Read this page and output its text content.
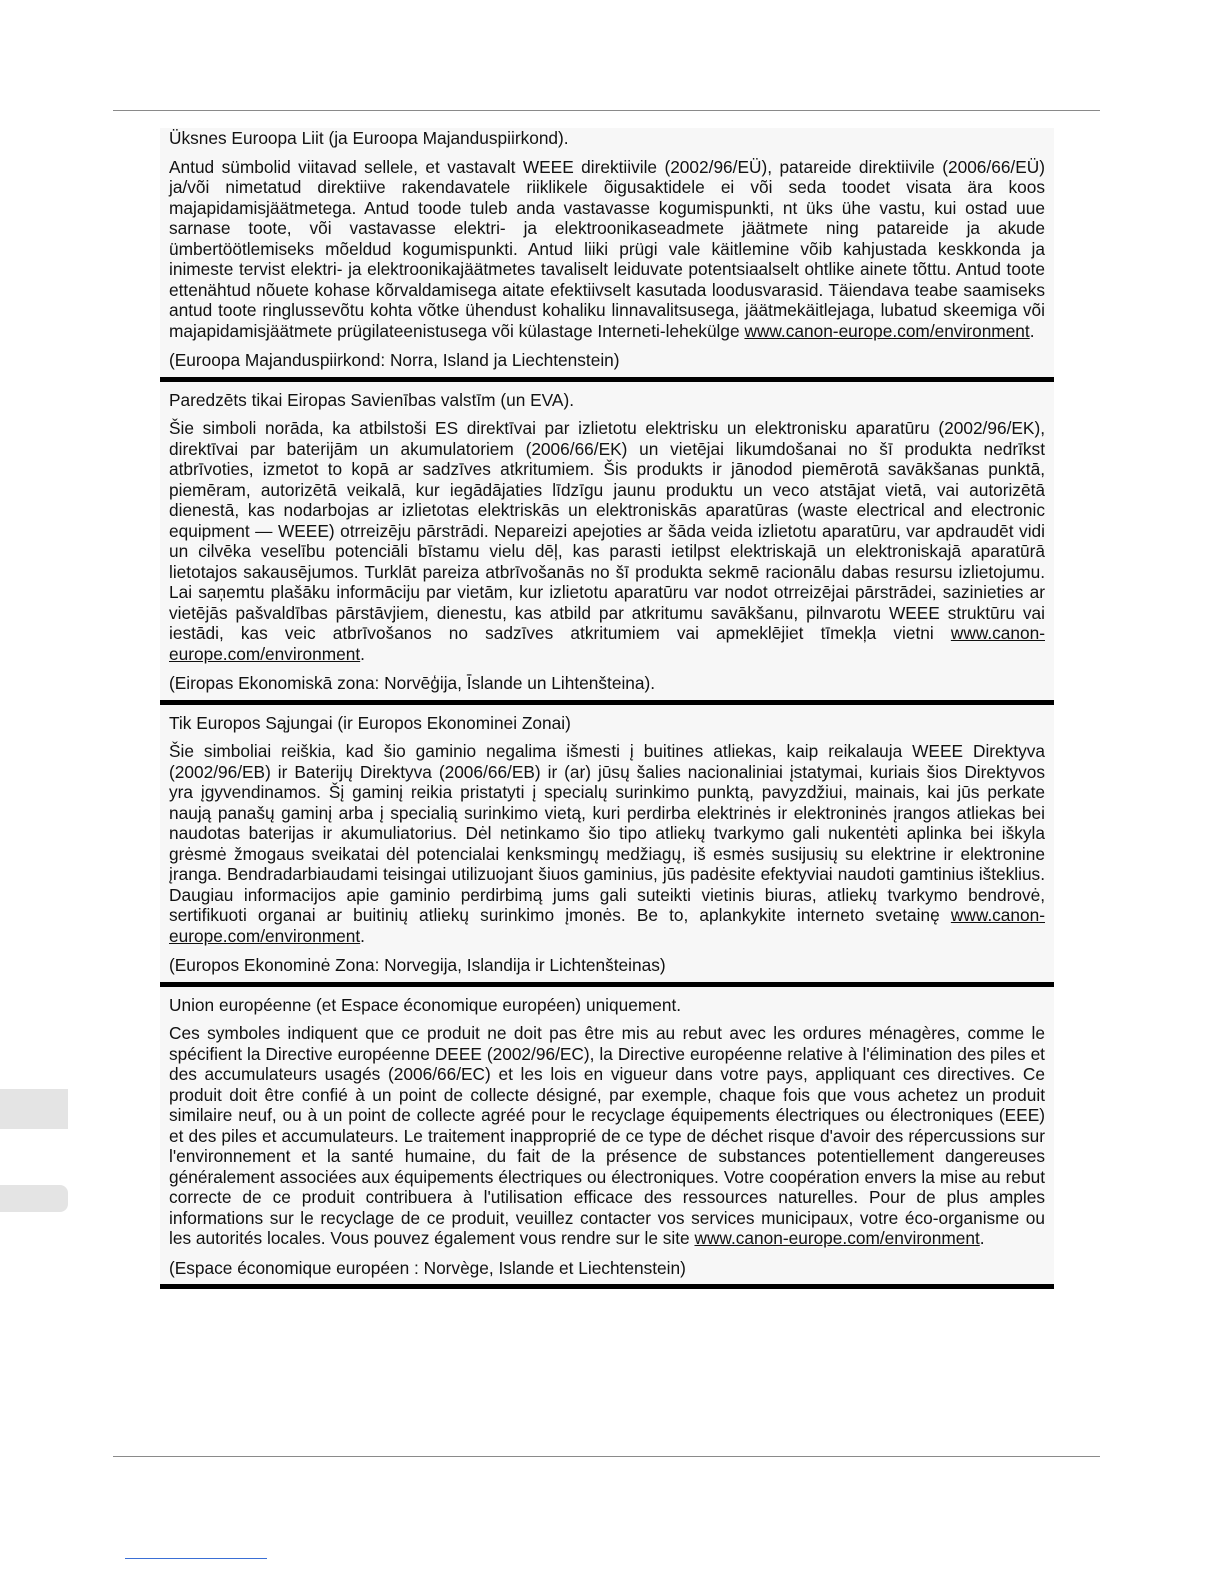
Üksnes Euroopa Liit (ja Euroopa Majanduspiirkond).

Antud sümbolid viitavad sellele, et vastavalt WEEE direktiivile (2002/96/EÜ), patareide direktiivile (2006/66/EÜ) ja/või nimetatud direktiive rakendavatele riiklikele õigusaktidele ei või seda toodet visata ära koos majapidamisjäätmetega. Antud toode tuleb anda vastavasse kogumispunkti, nt üks ühe vastu, kui ostad uue sarnase toote, või vastavasse elektri- ja elektroonikaseadmete jäätmete ning patareide ja akude ümbertöötlemiseks mõeldud kogumispunkti. Antud liiki prügi vale käitlemine võib kahjustada keskkonda ja inimeste tervist elektri- ja elektroonikajäätmetes tavaliselt leiduvate potentsiaalselt ohtlike ainete tõttu. Antud toote ettenähtud nõuete kohase kõrvaldamisega aitate efektiivselt kasutada loodusvarasid. Täiendava teabe saamiseks antud toote ringlussevõtu kohta võtke ühendust kohaliku linnavalitsusega, jäätmekäitlejaga, lubatud skeemiga või majapidamisjäätmete prügilateenistusega või külastage Interneti-lehekülge www.canon-europe.com/environment.

(Euroopa Majanduspiirkond: Norra, Island ja Liechtenstein)

Paredzēts tikai Eiropas Savienības valstīm (un EVA).

Šie simboli norāda, ka atbilstoši ES direktīvai par izlietotu elektrisku un elektronisku aparatūru (2002/96/EK), direktīvai par baterijām un akumulatoriem (2006/66/EK) un vietējai likumdošanai no šī produkta nedrīkst atbrīvoties, izmetot to kopā ar sadzīves atkritumiem. Šis produkts ir jānodod piemērotā savākšanas punktā, piemēram, autorizētā veikalā, kur iegādājaties līdzīgu jaunu produktu un veco atstājat vietā, vai autorizētā dienestā, kas nodarbojas ar izlietotas elektriskās un elektroniskās aparatūras (waste electrical and electronic equipment — WEEE) otrreizēju pārstrādi. Nepareizi apejoties ar šāda veida izlietotu aparatūru, var apdraudēt vidi un cilvēka veselību potenciāli bīstamu vielu dēļ, kas parasti ietilpst elektriskajā un elektroniskajā aparatūrā lietotajos sakausējumos. Turklāt pareiza atbrīvošanās no šī produkta sekmē racionālu dabas resursu izlietojumu. Lai saņemtu plašāku informāciju par vietām, kur izlietotu aparatūru var nodot otrreizējai pārstrādei, sazinieties ar vietējās pašvaldības pārstāvjiem, dienestu, kas atbild par atkritumu savākšanu, pilnvarotu WEEE struktūru vai iestādi, kas veic atbrīvošanos no sadzīves atkritumiem vai apmeklējiet tīmekļa vietni www.canon-europe.com/environment.

(Eiropas Ekonomiskā zona: Norvēģija, Īslande un Lihtenšteina).

Tik Europos Sąjungai (ir Europos Ekonominei Zonai)

Šie simboliai reiškia, kad šio gaminio negalima išmesti į buitines atliekas, kaip reikalauja WEEE Direktyva (2002/96/EB) ir Baterijų Direktyva (2006/66/EB) ir (ar) jūsų šalies nacionaliniai įstatymai, kuriais šios Direktyvos yra įgyvendinamos. Šį gaminį reikia pristatyti į specialų surinkimo punktą, pavyzdžiui, mainais, kai jūs perkate naują panašų gaminį arba į specialią surinkimo vietą, kuri perdirba elektrinės ir elektroninės įrangos atliekas bei naudotas baterijas ir akumuliatorius. Dėl netinkamo šio tipo atliekų tvarkymo gali nukentėti aplinka bei iškyla grėsmė žmogaus sveikatai dėl potencialai kenksmingų medžiagų, iš esmės susijusių su elektrine ir elektronine įranga. Bendradarbiaudami teisingai utilizuojant šiuos gaminius, jūs padėsite efektyviai naudoti gamtinius išteklius. Daugiau informacijos apie gaminio perdirbimą jums gali suteikti vietinis biuras, atliekų tvarkymo bendrovė, sertifikuoti organai ar buitinių atliekų surinkimo įmonės. Be to, aplankykite interneto svetainę www.canon-europe.com/environment.

(Europos Ekonominė Zona: Norvegija, Islandija ir Lichtenšteinas)

Union européenne (et Espace économique européen) uniquement.

Ces symboles indiquent que ce produit ne doit pas être mis au rebut avec les ordures ménagères, comme le spécifient la Directive européenne DEEE (2002/96/EC), la Directive européenne relative à l'élimination des piles et des accumulateurs usagés (2006/66/EC) et les lois en vigueur dans votre pays, appliquant ces directives. Ce produit doit être confié à un point de collecte désigné, par exemple, chaque fois que vous achetez un produit similaire neuf, ou à un point de collecte agréé pour le recyclage équipements électriques ou électroniques (EEE) et des piles et accumulateurs. Le traitement inapproprié de ce type de déchet risque d'avoir des répercussions sur l'environnement et la santé humaine, du fait de la présence de substances potentiellement dangereuses généralement associées aux équipements électriques ou électroniques. Votre coopération envers la mise au rebut correcte de ce produit contribuera à l'utilisation efficace des ressources naturelles. Pour de plus amples informations sur le recyclage de ce produit, veuillez contacter vos services municipaux, votre éco-organisme ou les autorités locales. Vous pouvez également vous rendre sur le site www.canon-europe.com/environment.

(Espace économique européen : Norvège, Islande et Liechtenstein)
